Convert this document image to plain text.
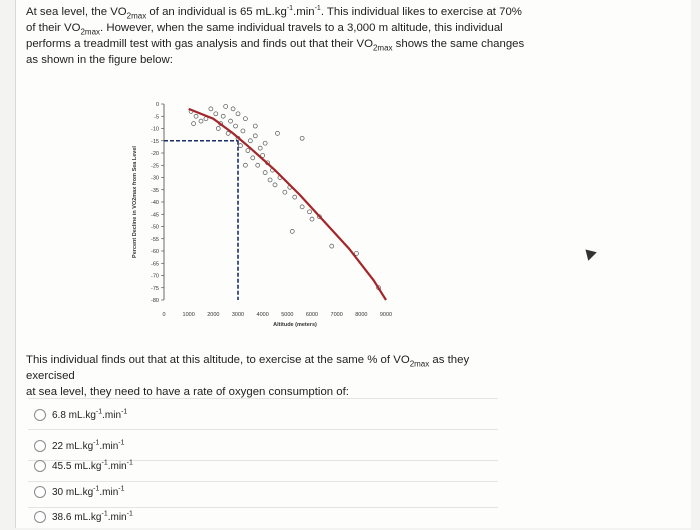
At sea level, the $VO_{2max}$ of an individual is 65 $mL.kg^{-1}.\min^{-1}$. This individual likes to exercise at 70%

of their $VO_{2max}$. However, when the same individual travels to a 3,000 m altitude, this individual

performs a treadmill test with gas analysis and finds out that their $VO_{2max}$ shows the same changes

as shown in the figure below:

0
-5
-10
-15
-20
-25
-30
-35
-40
-45
-50
-55
-60
-65
-70
-75
-80
0	1000 2000 3000 4000 5000 6000 7000 8000 9000
Altitude (meters)
Percent Decline in VO2max from Sea Level
This individual finds out that at this altitude, to exercise at the same % of $VO_{2max}$ as they exercised
at sea level, they need to have a rate of oxygen consumption of:
6.8 $mL.kg^{-1}.\min^{-1}$
22 $mL.kg^{-1}.\min^{-1}$
45.5 $mL.kg^{-1}.\min^{-1}$
30 $mL.kg^{-1}.\min^{-1}$
38.6 $mL.kg^{-1}.\min^{-1}$
